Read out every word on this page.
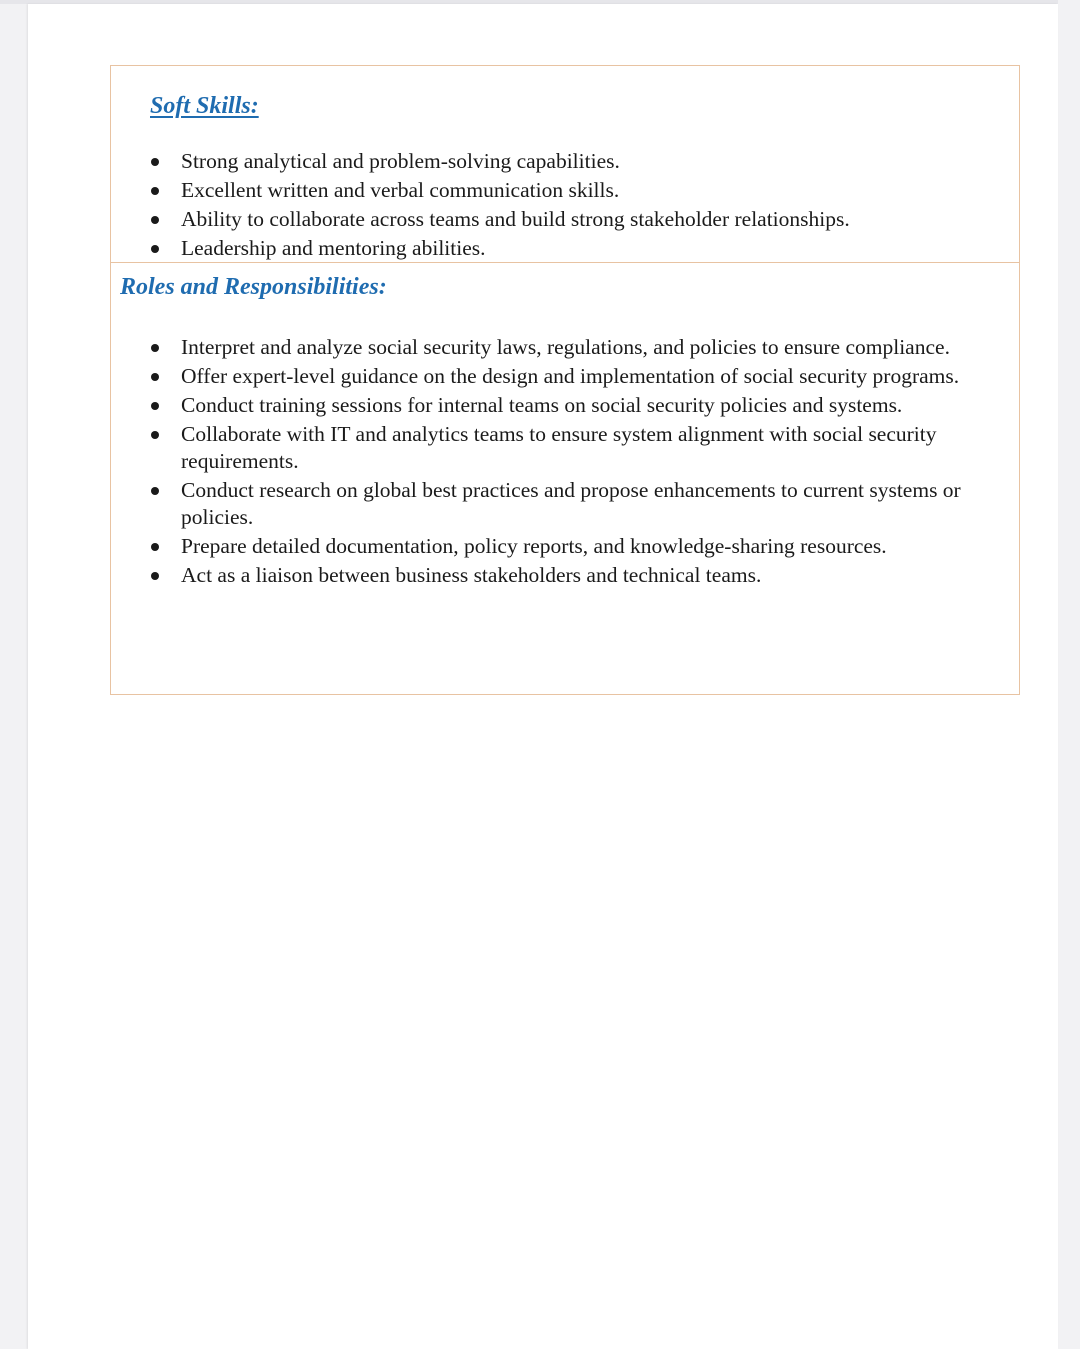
Soft Skills:
Strong analytical and problem-solving capabilities.
Excellent written and verbal communication skills.
Ability to collaborate across teams and build strong stakeholder relationships.
Leadership and mentoring abilities.
Roles and Responsibilities:
Interpret and analyze social security laws, regulations, and policies to ensure compliance.
Offer expert-level guidance on the design and implementation of social security programs.
Conduct training sessions for internal teams on social security policies and systems.
Collaborate with IT and analytics teams to ensure system alignment with social security requirements.
Conduct research on global best practices and propose enhancements to current systems or policies.
Prepare detailed documentation, policy reports, and knowledge-sharing resources.
Act as a liaison between business stakeholders and technical teams.
